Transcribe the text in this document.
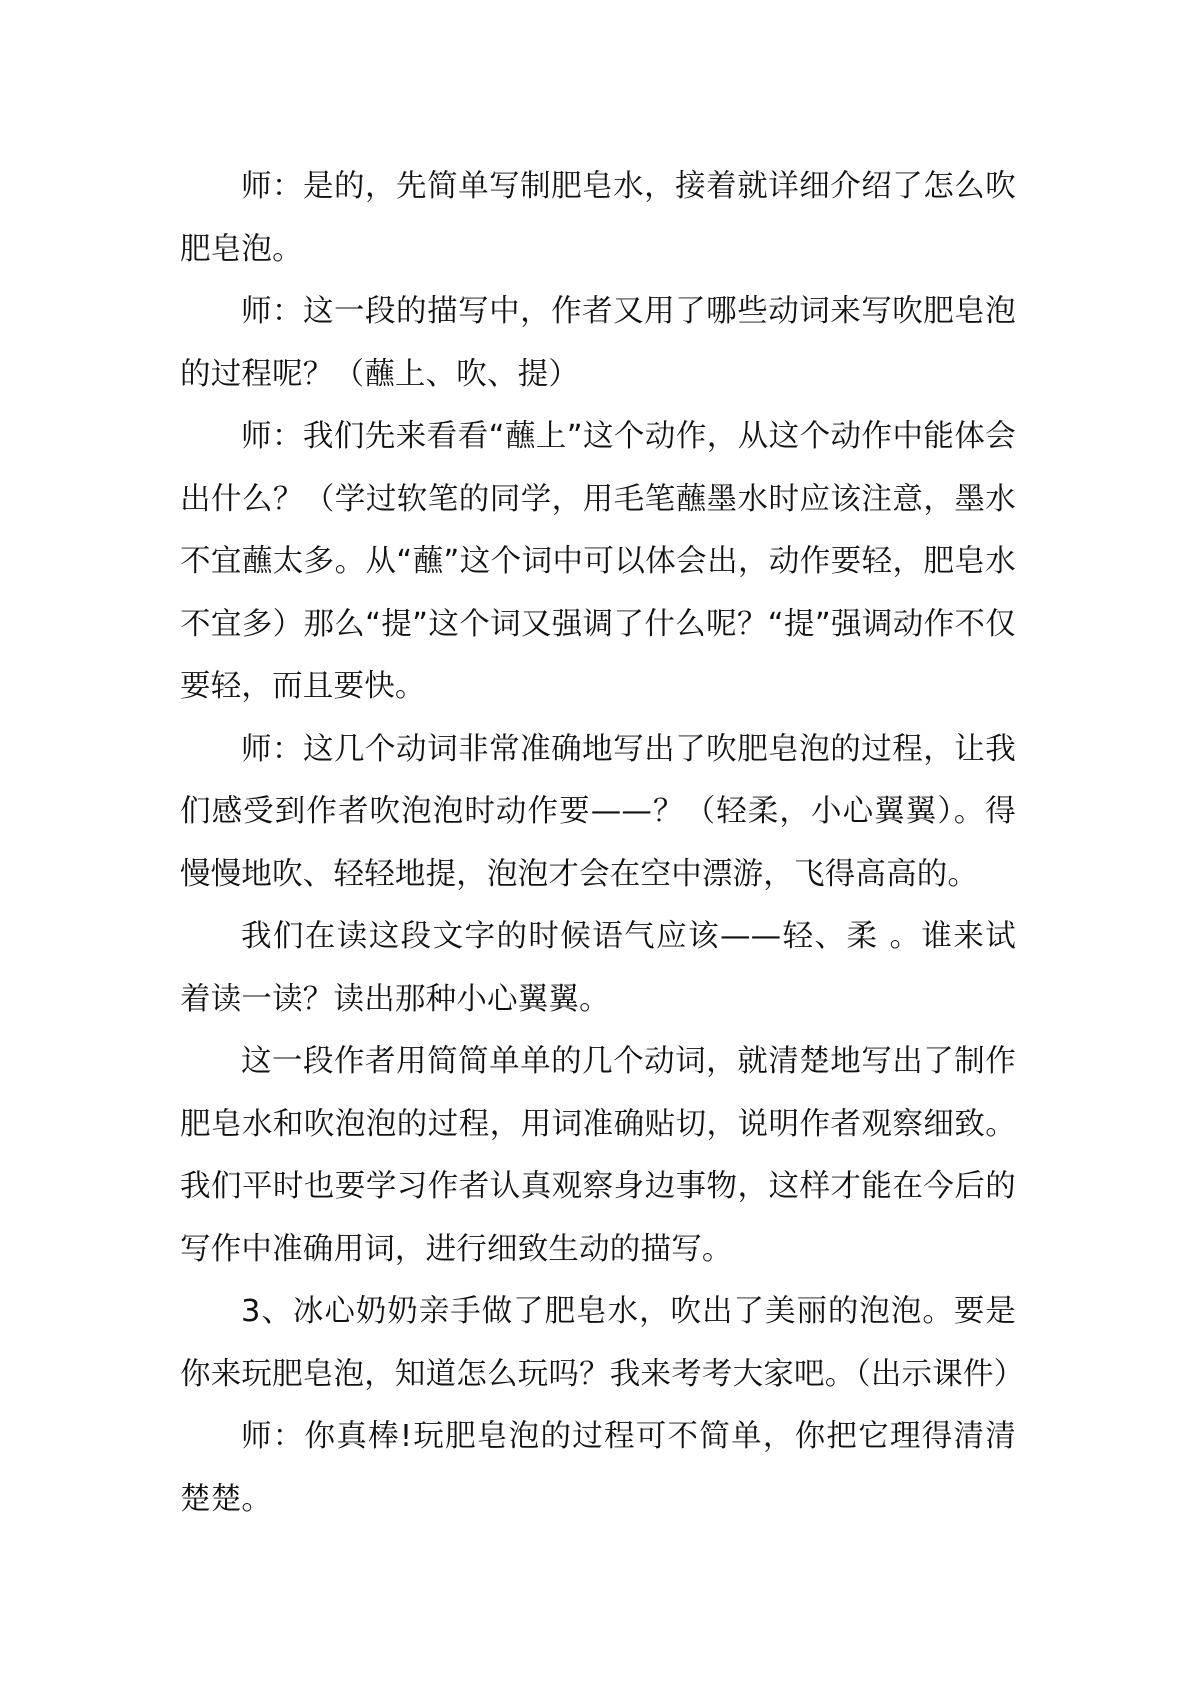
师：是的，先简单写制肥皂水，接着就详细介绍了怎么吹肥皂泡。

师：这一段的描写中，作者又用了哪些动词来写吹肥皂泡的过程呢？（蘸上、吹、提）

师：我们先来看看“蘸上”这个动作，从这个动作中能体会出什么？（学过软笔的同学，用毛笔蘸墨水时应该注意，墨水不宜蘸太多。从“蘸”这个词中可以体会出，动作要轻，肥皂水不宜多）那么“提”这个词又强调了什么呢？“提”强调动作不仅要轻，而且要快。

师：这几个动词非常准确地写出了吹肥皂泡的过程，让我们感受到作者吹泡泡时动作要——？（轻柔，小心翼翼）。得慢慢地吹、轻轻地提，泡泡才会在空中漂游，飞得高高的。

我们在读这段文字的时候语气应该——轻、柔 。谁来试着读一读？读出那种小心翼翼。

这一段作者用简简单单的几个动词，就清楚地写出了制作肥皂水和吹泡泡的过程，用词准确贴切，说明作者观察细致。我们平时也要学习作者认真观察身边事物，这样才能在今后的写作中准确用词，进行细致生动的描写。

3、冰心奶奶亲手做了肥皂水，吹出了美丽的泡泡。要是你来玩肥皂泡，知道怎么玩吗？我来考考大家吧。（出示课件）

师：你真棒!玩肥皂泡的过程可不简单，你把它理得清清楚楚。
